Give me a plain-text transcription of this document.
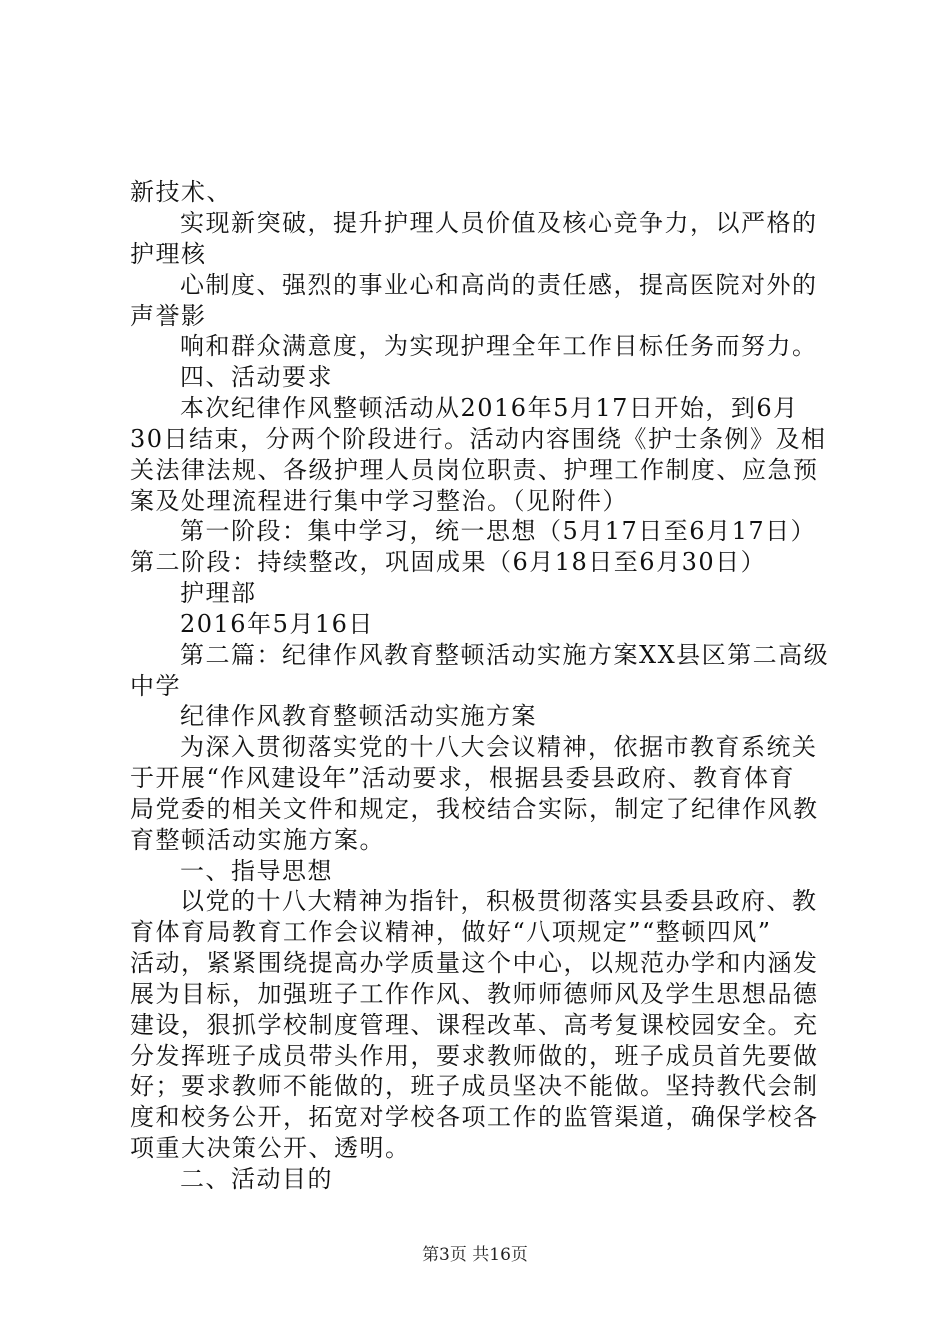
新技术、
实现新突破，提升护理人员价值及核心竞争力，以严格的
护理核
心制度、强烈的事业心和高尚的责任感，提高医院对外的
声誉影
响和群众满意度，为实现护理全年工作目标任务而努力。
四、活动要求
本次纪律作风整顿活动从2016年5月17日开始，到6月
30日结束，分两个阶段进行。活动内容围绕《护士条例》及相
关法律法规、各级护理人员岗位职责、护理工作制度、应急预
案及处理流程进行集中学习整治。（见附件）
第一阶段：集中学习，统一思想（5月17日至6月17日）
第二阶段：持续整改，巩固成果（6月18日至6月30日）
护理部
2016年5月16日
第二篇：纪律作风教育整顿活动实施方案XX县区第二高级
中学
纪律作风教育整顿活动实施方案
为深入贯彻落实党的十八大会议精神，依据市教育系统关
于开展“作风建设年”活动要求，根据县委县政府、教育体育
局党委的相关文件和规定，我校结合实际，制定了纪律作风教
育整顿活动实施方案。
一、指导思想
以党的十八大精神为指针，积极贯彻落实县委县政府、教
育体育局教育工作会议精神，做好“八项规定”“整顿四风”
活动，紧紧围绕提高办学质量这个中心，以规范办学和内涵发
展为目标，加强班子工作作风、教师师德师风及学生思想品德
建设，狠抓学校制度管理、课程改革、高考复课校园安全。充
分发挥班子成员带头作用，要求教师做的，班子成员首先要做
好；要求教师不能做的，班子成员坚决不能做。坚持教代会制
度和校务公开，拓宽对学校各项工作的监管渠道，确保学校各
项重大决策公开、透明。
二、活动目的
第3页 共16页
